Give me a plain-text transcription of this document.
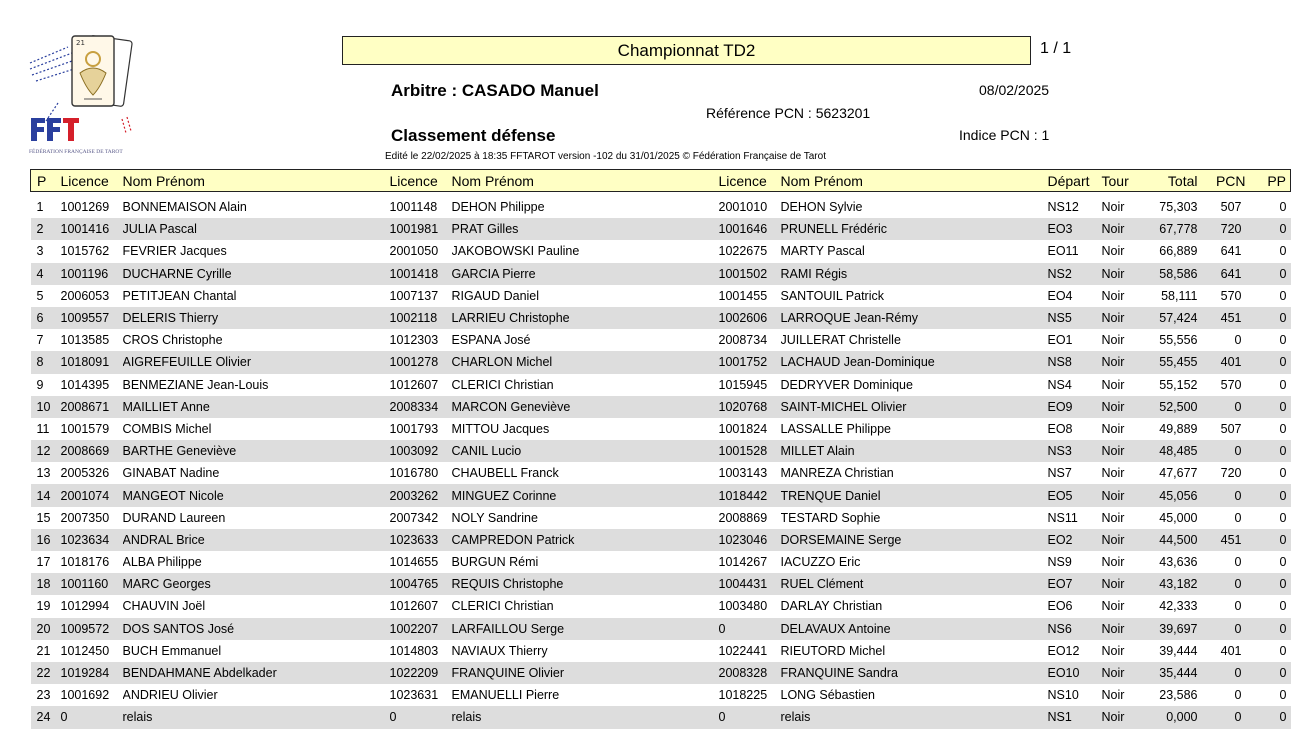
21
FÉDÉRATION FRANÇAISE DE TAROT
Championnat TD2	1 / 1
Arbitre : CASADO Manuel	08/02/2025
Référence PCN : 5623201
Classement défense	Indice PCN : 1
Edité le 22/02/2025 à 18:35 FFTAROT version -102 du 31/01/2025 © Fédération Française de Tarot
P	Licence	Nom Prénom	Licence	Nom Prénom	Licence	Nom Prénom	Départ	Tour	Total	PCN	PP
1	1001269	BONNEMAISON Alain	1001148	DEHON Philippe	2001010	DEHON Sylvie	NS12	Noir	75,303	507	0
2	1001416	JULIA Pascal	1001981	PRAT Gilles	1001646	PRUNELL Frédéric	EO3	Noir	67,778	720	0
3	1015762	FEVRIER Jacques	2001050	JAKOBOWSKI Pauline	1022675	MARTY Pascal	EO11	Noir	66,889	641	0
4	1001196	DUCHARNE Cyrille	1001418	GARCIA Pierre	1001502	RAMI Régis	NS2	Noir	58,586	641	0
5	2006053	PETITJEAN Chantal	1007137	RIGAUD Daniel	1001455	SANTOUIL Patrick	EO4	Noir	58,111	570	0
6	1009557	DELERIS Thierry	1002118	LARRIEU Christophe	1002606	LARROQUE Jean-Rémy	NS5	Noir	57,424	451	0
7	1013585	CROS Christophe	1012303	ESPANA José	2008734	JUILLERAT Christelle	EO1	Noir	55,556	0	0
8	1018091	AIGREFEUILLE Olivier	1001278	CHARLON Michel	1001752	LACHAUD Jean-Dominique	NS8	Noir	55,455	401	0
9	1014395	BENMEZIANE Jean-Louis	1012607	CLERICI Christian	1015945	DEDRYVER Dominique	NS4	Noir	55,152	570	0
10	2008671	MAILLIET Anne	2008334	MARCON Geneviève	1020768	SAINT-MICHEL Olivier	EO9	Noir	52,500	0	0
11	1001579	COMBIS Michel	1001793	MITTOU Jacques	1001824	LASSALLE Philippe	EO8	Noir	49,889	507	0
12	2008669	BARTHE Geneviève	1003092	CANIL Lucio	1001528	MILLET Alain	NS3	Noir	48,485	0	0
13	2005326	GINABAT Nadine	1016780	CHAUBELL Franck	1003143	MANREZA Christian	NS7	Noir	47,677	720	0
14	2001074	MANGEOT Nicole	2003262	MINGUEZ Corinne	1018442	TRENQUE Daniel	EO5	Noir	45,056	0	0
15	2007350	DURAND Laureen	2007342	NOLY Sandrine	2008869	TESTARD Sophie	NS11	Noir	45,000	0	0
16	1023634	ANDRAL Brice	1023633	CAMPREDON Patrick	1023046	DORSEMAINE Serge	EO2	Noir	44,500	451	0
17	1018176	ALBA Philippe	1014655	BURGUN Rémi	1014267	IACUZZO Eric	NS9	Noir	43,636	0	0
18	1001160	MARC Georges	1004765	REQUIS Christophe	1004431	RUEL Clément	EO7	Noir	43,182	0	0
19	1012994	CHAUVIN Joël	1012607	CLERICI Christian	1003480	DARLAY Christian	EO6	Noir	42,333	0	0
20	1009572	DOS SANTOS José	1002207	LARFAILLOU Serge	0	DELAVAUX Antoine	NS6	Noir	39,697	0	0
21	1012450	BUCH Emmanuel	1014803	NAVIAUX Thierry	1022441	RIEUTORD Michel	EO12	Noir	39,444	401	0
22	1019284	BENDAHMANE Abdelkader	1022209	FRANQUINE Olivier	2008328	FRANQUINE Sandra	EO10	Noir	35,444	0	0
23	1001692	ANDRIEU Olivier	1023631	EMANUELLI Pierre	1018225	LONG Sébastien	NS10	Noir	23,586	0	0
24	0	relais	0	relais	0	relais	NS1	Noir	0,000	0	0
